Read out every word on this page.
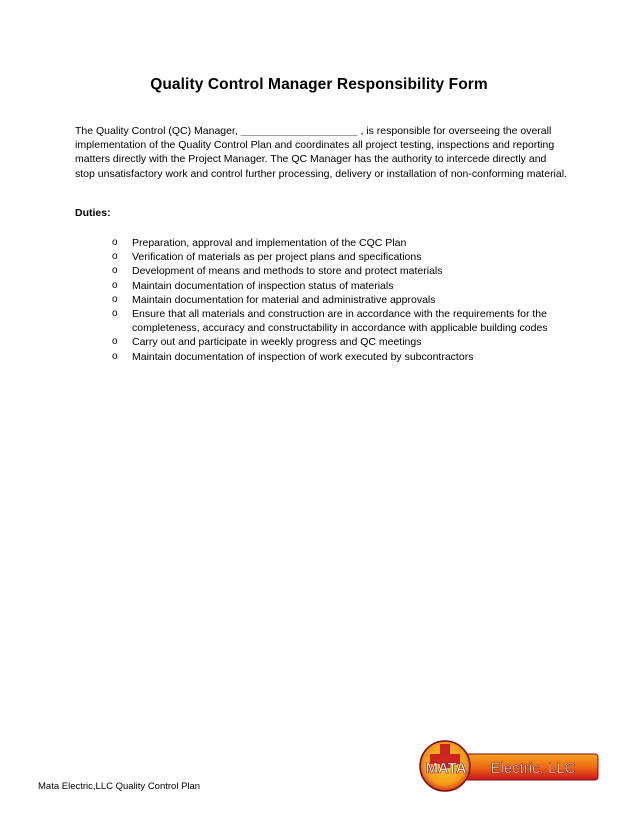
Quality Control Manager Responsibility Form

The Quality Control (QC) Manager, ____________________ , is responsible for overseeing the overall implementation of the Quality Control Plan and coordinates all project testing, inspections and reporting matters directly with the Project Manager. The QC Manager has the authority to intercede directly and stop unsatisfactory work and control further processing, delivery or installation of non-conforming material.

Duties:
o Preparation, approval and implementation of the CQC Plan
o Verification of materials as per project plans and specifications
o Development of means and methods to store and protect materials
o Maintain documentation of inspection status of materials
o Maintain documentation for material and administrative approvals
o Ensure that all materials and construction are in accordance with the requirements for the completeness, accuracy and constructability in accordance with applicable building codes
o Carry out and participate in weekly progress and QC meetings
o Maintain documentation of inspection of work executed by subcontractors
MATA Electric, LLC
Mata Electric,LLC Quality Control Plan
